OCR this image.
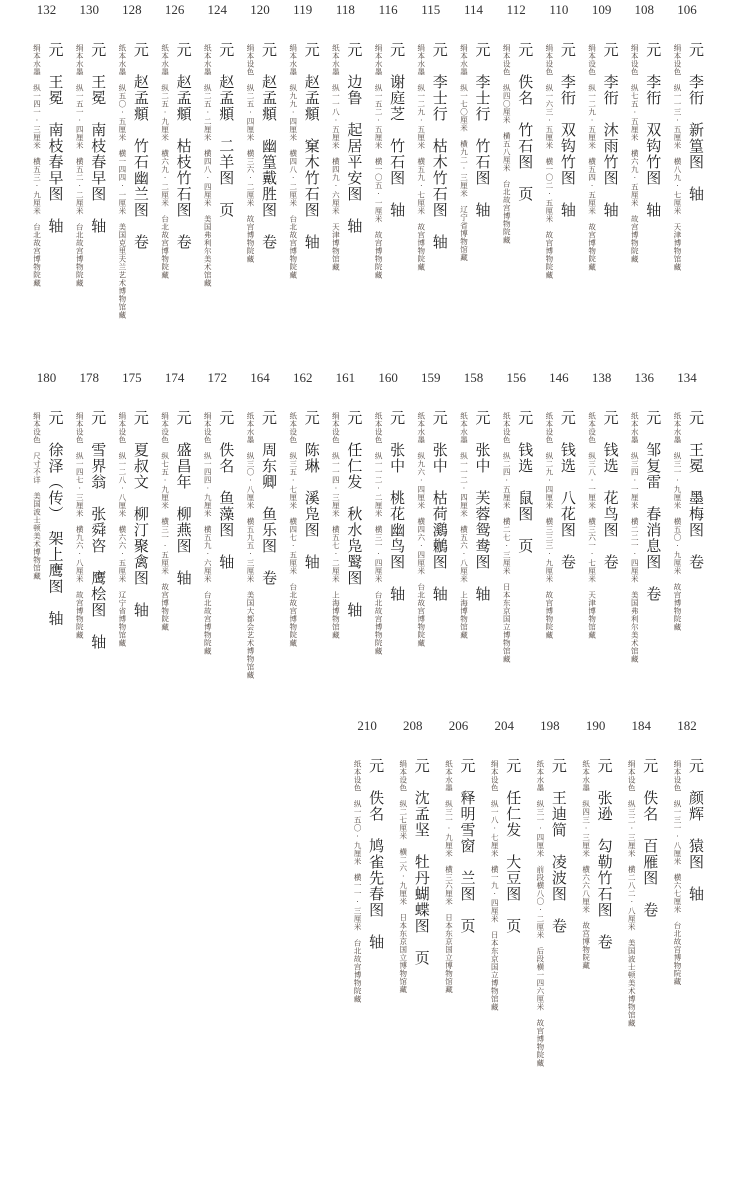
106
元　李衎　新篁图　轴
绢本设色　纵一一三·五厘米　横八九·七厘米　天津博物馆藏
108
元　李衎　双钩竹图　轴
绢本设色　纵七五·五厘米　横六九·五厘米　故宫博物院藏
109
元　李衎　沐雨竹图　轴
绢本设色　纵一二九·五厘米　横五四·五厘米　故宫博物院藏
110
元　李衎　双钩竹图　轴
绢本设色　纵一六三·五厘米　横一〇二·五厘米　故宫博物院藏
112
元　佚名　竹石图　页
绢本设色　纵四〇厘米　横五八厘米　台北故宫博物院藏
114
元　李士行　竹石图　轴
绢本水墨　纵一七〇厘米　横九二·三厘米　辽宁省博物馆藏
115
元　李士行　枯木竹石图　轴
绢本水墨　纵一二九·五厘米　横五九·七厘米　故宫博物院藏
116
元　谢庭芝　竹石图　轴
绢本水墨　纵一五二·五厘米　横一〇五·一厘米　故宫博物院藏
118
元　边鲁　起居平安图　轴
纸本水墨　纵一一八·五厘米　横四九·六厘米　天津博物馆藏
119
元　赵孟頫　窠木竹石图　轴
绢本水墨　纵九九·四厘米　横四八·二厘米　台北故宫博物院藏
120
元　赵孟頫　幽篁戴胜图　卷
绢本设色　纵二五·四厘米　横三六·二厘米　故宫博物院藏
124
元　赵孟頫　二羊图　页
纸本水墨　纵二五·二厘米　横四八·四厘米　美国弗利尔美术馆藏
126
元　赵孟頫　枯枝竹石图　卷
纸本水墨　纵二五·九厘米　横六九·二厘米　台北故宫博物院藏
128
元　赵孟頫　竹石幽兰图　卷
纸本水墨　纵五〇·五厘米　横一四四·一厘米　美国克里夫兰艺术博物馆藏
130
元　王冕　南枝春早图　轴
绢本水墨　纵一五一·四厘米　横五二·二厘米　台北故宫博物院藏
132
元　王冕　南枝春早图　轴
绢本水墨　纵一四一·三厘米　横五三·九厘米　台北故宫博物院藏
134
元　王冕　墨梅图　卷
纸本水墨　纵三一·九厘米　横五〇·九厘米　故宫博物院藏
136
元　邹复雷　春消息图　卷
纸本水墨　纵三四·一厘米　横二二一·四厘米　美国弗利尔美术馆藏
138
元　钱选　花鸟图　卷
纸本设色　纵三八·一厘米　横三六一·七厘米　天津博物馆藏
146
元　钱选　八花图　卷
纸本设色　纵二九·四厘米　横三三三·九厘米　故宫博物院藏
156
元　钱选　鼠图　页
纸本设色　纵二四·五厘米　横二七·三厘米　日本东京国立博物馆藏
158
元　张中　芙蓉鸳鸯图　轴
纸本水墨　纵一一二·四厘米　横五六·八厘米　上海博物馆藏
159
元　张中　枯荷鸂鶒图　轴
纸本水墨　纵九六·四厘米　横四六·四厘米　台北故宫博物院藏
160
元　张中　桃花幽鸟图　轴
纸本设色　纵一一二·二厘米　横三一·四厘米　台北故宫博物院藏
161
元　任仁发　秋水凫鹥图　轴
绢本设色　纵一一四·三厘米　横五七·二厘米　上海博物馆藏
162
元　陈琳　溪凫图　轴
纸本设色　纵三五·七厘米　横四七·五厘米　台北故宫博物院藏
164
元　周东卿　鱼乐图　卷
纸本水墨　纵三〇·八厘米　横五九五·三厘米　美国大都会艺术博物馆藏
172
元　佚名　鱼藻图　轴
绢本设色　纵一四四·九厘米　横五九·六厘米　台北故宫博物院藏
174
元　盛昌年　柳燕图　轴
绢本设色　纵七五·九厘米　横三一·五厘米　故宫博物院藏
175
元　夏叔文　柳汀聚禽图　轴
绢本设色　纵一二八·八厘米　横六六·五厘米　辽宁省博物馆藏
178
元　雪界翁　张舜咨　鹰桧图　轴
绢本设色　纵一四七·三厘米　横九六·八厘米　故宫博物院藏
180
元　徐泽（传）　架上鹰图　轴
绢本设色　尺寸不详　美国波士顿美术博物馆藏
182
元　颜辉　猿图　轴
绢本设色　纵一三一·八厘米　横六七厘米　台北故宫博物院藏
184
元　佚名　百雁图　卷
绢本设色　纵三二·三厘米　横二八二·八厘米　美国波士顿美术博物馆藏
190
元　张逊　勾勒竹石图　卷
纸本水墨　纵四三·三厘米　横六六八厘米　故宫博物院藏
198
元　王迪简　凌波图　卷
纸本水墨　纵三一·四厘米　前段横八〇·二厘米　后段横一四六厘米　故宫博物院藏
204
元　任仁发　大豆图　页
绢本设色　纵一八·七厘米　横一九·四厘米　日本东京国立博物馆藏
206
元　释明雪窗　兰图　页
纸本水墨　纵三一·九厘米　横三六厘米　日本东京国立博物馆藏
208
元　沈孟坚　牡丹蝴蝶图　页
绢本设色　纵二七厘米　横二六·九厘米　日本东京国立博物馆藏
210
元　佚名　鸠雀先春图　轴
纸本设色　纵一五〇·九厘米　横一一·三厘米　台北故宫博物院藏
